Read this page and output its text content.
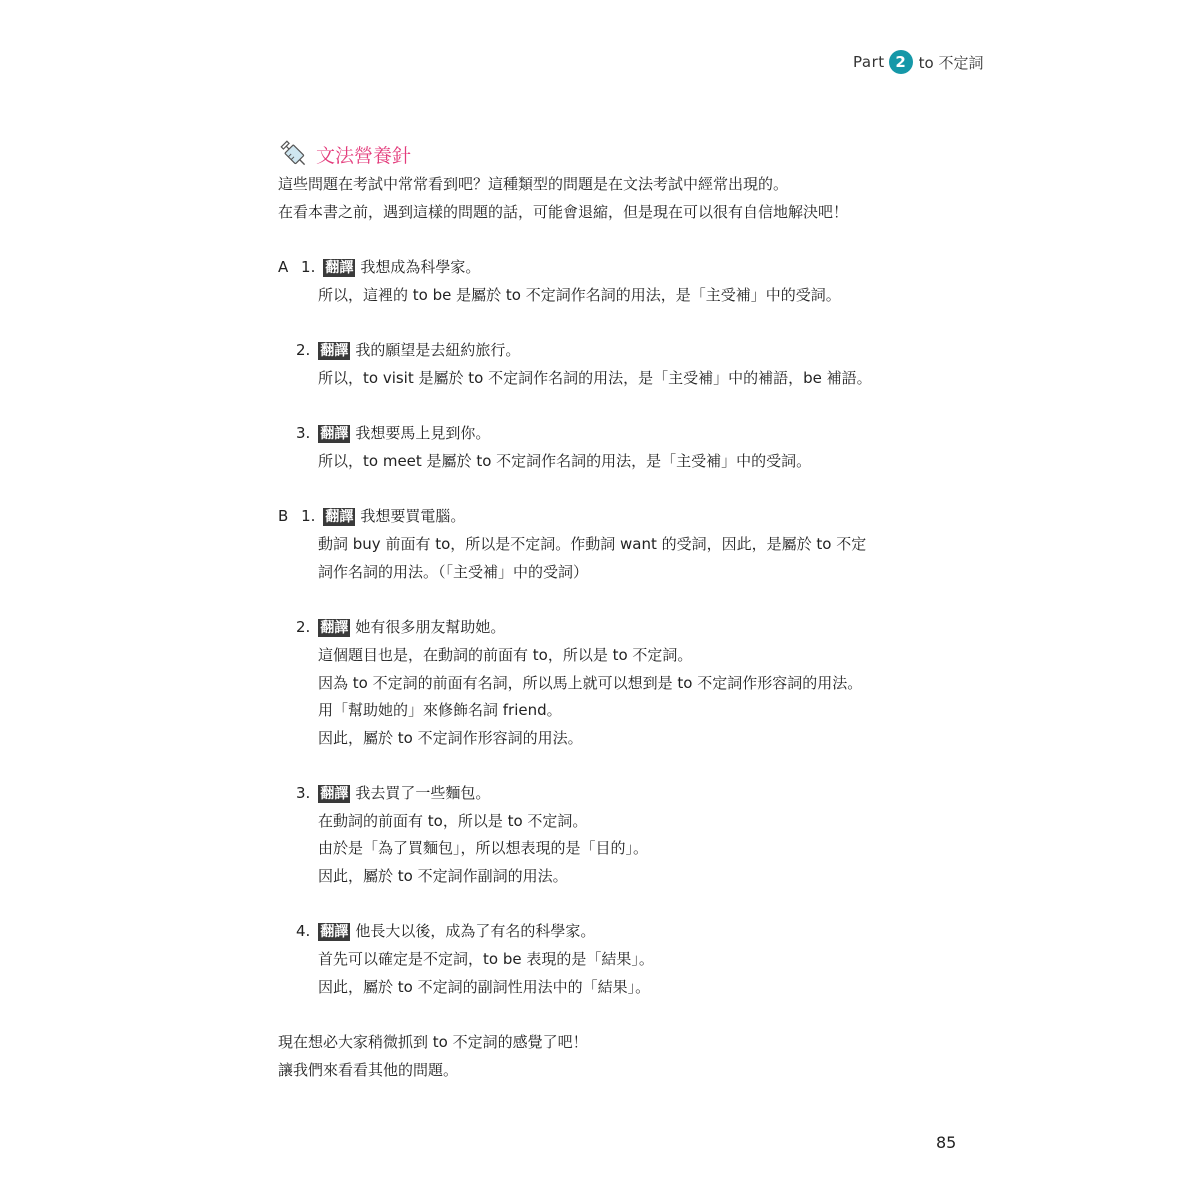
Part 2 to 不定詞
文法營養針
這些問題在考試中常常看到吧？這種類型的問題是在文法考試中經常出現的。
在看本書之前，遇到這樣的問題的話，可能會退縮，但是現在可以很有自信地解決吧！
A 1. 翻譯 我想成為科學家。
所以，這裡的 to be 是屬於 to 不定詞作名詞的用法，是「主受補」中的受詞。
2. 翻譯 我的願望是去紐約旅行。
所以，to visit 是屬於 to 不定詞作名詞的用法，是「主受補」中的補語，be 補語。
3. 翻譯 我想要馬上見到你。
所以，to meet 是屬於 to 不定詞作名詞的用法，是「主受補」中的受詞。
B 1. 翻譯 我想要買電腦。
動詞 buy 前面有 to，所以是不定詞。作動詞 want 的受詞，因此，是屬於 to 不定
詞作名詞的用法。（「主受補」中的受詞）
2. 翻譯 她有很多朋友幫助她。
這個題目也是，在動詞的前面有 to，所以是 to 不定詞。
因為 to 不定詞的前面有名詞，所以馬上就可以想到是 to 不定詞作形容詞的用法。
用「幫助她的」來修飾名詞 friend。
因此，屬於 to 不定詞作形容詞的用法。
3. 翻譯 我去買了一些麵包。
在動詞的前面有 to，所以是 to 不定詞。
由於是「為了買麵包」，所以想表現的是「目的」。
因此，屬於 to 不定詞作副詞的用法。
4. 翻譯 他長大以後，成為了有名的科學家。
首先可以確定是不定詞，to be 表現的是「結果」。
因此，屬於 to 不定詞的副詞性用法中的「結果」。
現在想必大家稍微抓到 to 不定詞的感覺了吧！
讓我們來看看其他的問題。
85
